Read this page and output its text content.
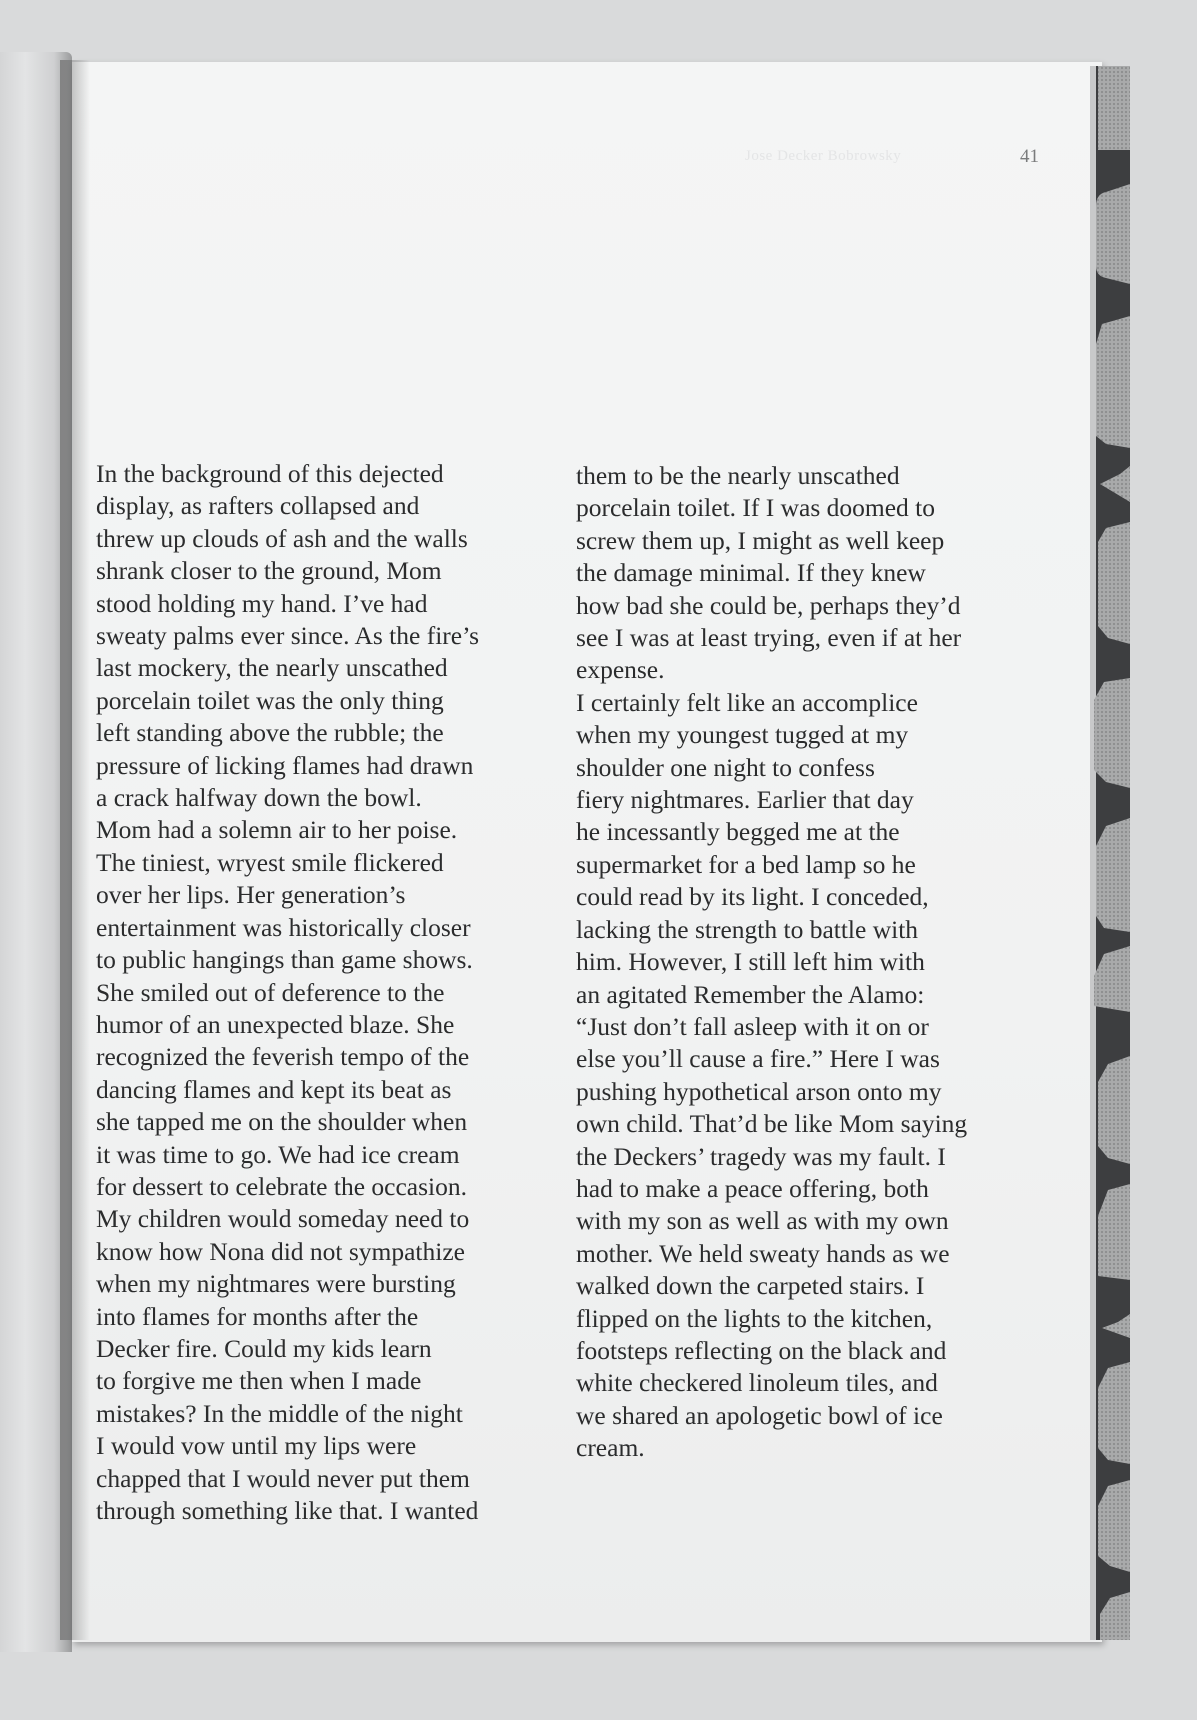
Jose Decker Bobrowsky	41
In the background of this dejected
display, as rafters collapsed and
threw up clouds of ash and the walls
shrank closer to the ground, Mom
stood holding my hand. I’ve had
sweaty palms ever since. As the fire’s
last mockery, the nearly unscathed
porcelain toilet was the only thing
left standing above the rubble; the
pressure of licking flames had drawn
a crack halfway down the bowl.
Mom had a solemn air to her poise.
The tiniest, wryest smile flickered
over her lips. Her generation’s
entertainment was historically closer
to public hangings than game shows.
She smiled out of deference to the
humor of an unexpected blaze. She
recognized the feverish tempo of the
dancing flames and kept its beat as
she tapped me on the shoulder when
it was time to go. We had ice cream
for dessert to celebrate the occasion.
My children would someday need to
know how Nona did not sympathize
when my nightmares were bursting
into flames for months after the
Decker fire. Could my kids learn
to forgive me then when I made
mistakes? In the middle of the night
I would vow until my lips were
chapped that I would never put them
through something like that. I wanted
them to be the nearly unscathed
porcelain toilet. If I was doomed to
screw them up, I might as well keep
the damage minimal. If they knew
how bad she could be, perhaps they’d
see I was at least trying, even if at her
expense.
I certainly felt like an accomplice
when my youngest tugged at my
shoulder one night to confess
fiery nightmares. Earlier that day
he incessantly begged me at the
supermarket for a bed lamp so he
could read by its light. I conceded,
lacking the strength to battle with
him. However, I still left him with
an agitated Remember the Alamo:
“Just don’t fall asleep with it on or
else you’ll cause a fire.” Here I was
pushing hypothetical arson onto my
own child. That’d be like Mom saying
the Deckers’ tragedy was my fault. I
had to make a peace offering, both
with my son as well as with my own
mother. We held sweaty hands as we
walked down the carpeted stairs. I
flipped on the lights to the kitchen,
footsteps reflecting on the black and
white checkered linoleum tiles, and
we shared an apologetic bowl of ice
cream.
